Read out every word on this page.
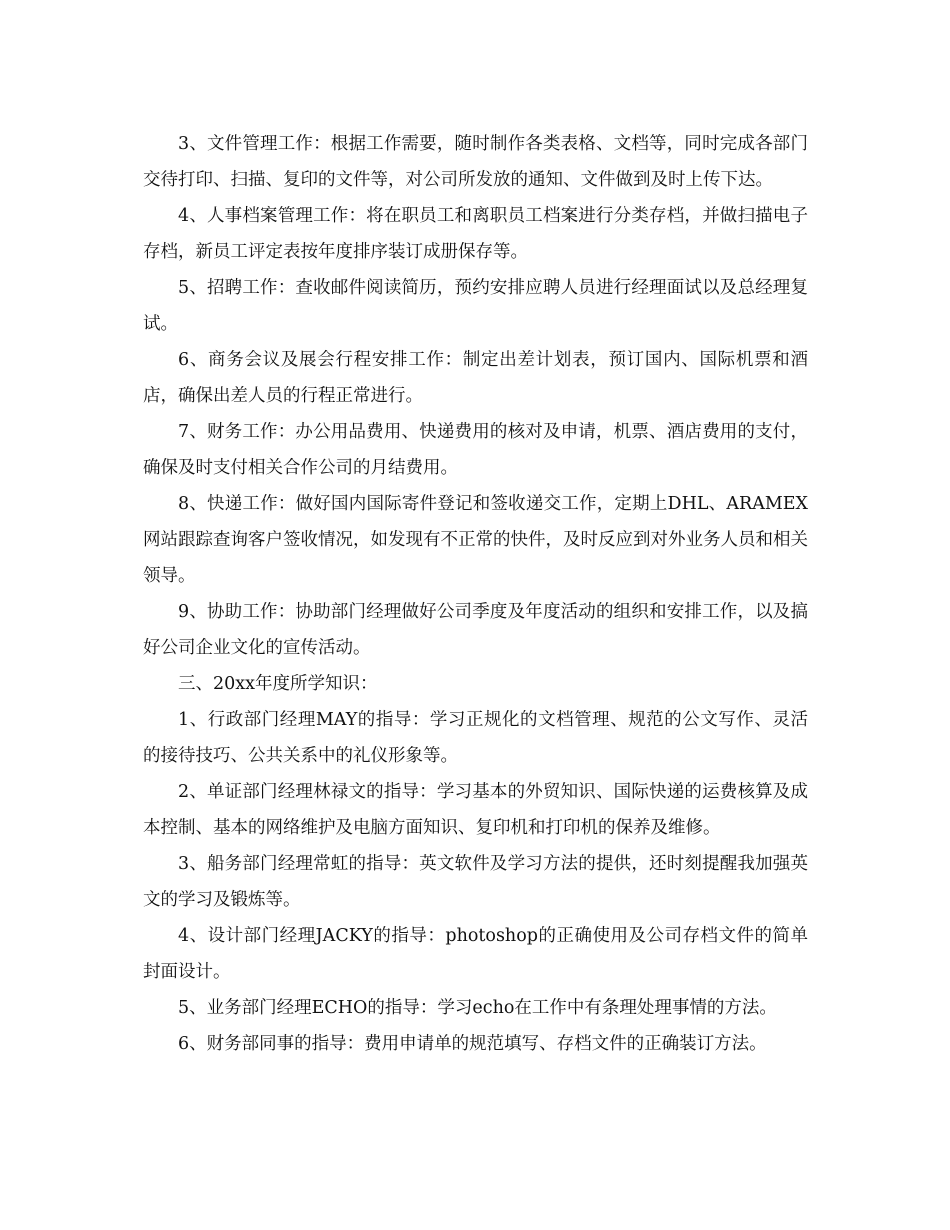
3、文件管理工作：根据工作需要，随时制作各类表格、文档等，同时完成各部门交待打印、扫描、复印的文件等，对公司所发放的通知、文件做到及时上传下达。

4、人事档案管理工作：将在职员工和离职员工档案进行分类存档，并做扫描电子存档，新员工评定表按年度排序装订成册保存等。

5、招聘工作：查收邮件阅读简历，预约安排应聘人员进行经理面试以及总经理复试。

6、商务会议及展会行程安排工作：制定出差计划表，预订国内、国际机票和酒店，确保出差人员的行程正常进行。

7、财务工作：办公用品费用、快递费用的核对及申请，机票、酒店费用的支付，确保及时支付相关合作公司的月结费用。

8、快递工作：做好国内国际寄件登记和签收递交工作，定期上DHL、ARAMEX网站跟踪查询客户签收情况，如发现有不正常的快件，及时反应到对外业务人员和相关领导。

9、协助工作：协助部门经理做好公司季度及年度活动的组织和安排工作，以及搞好公司企业文化的宣传活动。

三、20xx年度所学知识：

1、行政部门经理MAY的指导：学习正规化的文档管理、规范的公文写作、灵活的接待技巧、公共关系中的礼仪形象等。

2、单证部门经理林禄文的指导：学习基本的外贸知识、国际快递的运费核算及成本控制、基本的网络维护及电脑方面知识、复印机和打印机的保养及维修。

3、船务部门经理常虹的指导：英文软件及学习方法的提供，还时刻提醒我加强英文的学习及锻炼等。

4、设计部门经理JACKY的指导：photoshop的正确使用及公司存档文件的简单封面设计。

5、业务部门经理ECHO的指导：学习echo在工作中有条理处理事情的方法。

6、财务部同事的指导：费用申请单的规范填写、存档文件的正确装订方法。
